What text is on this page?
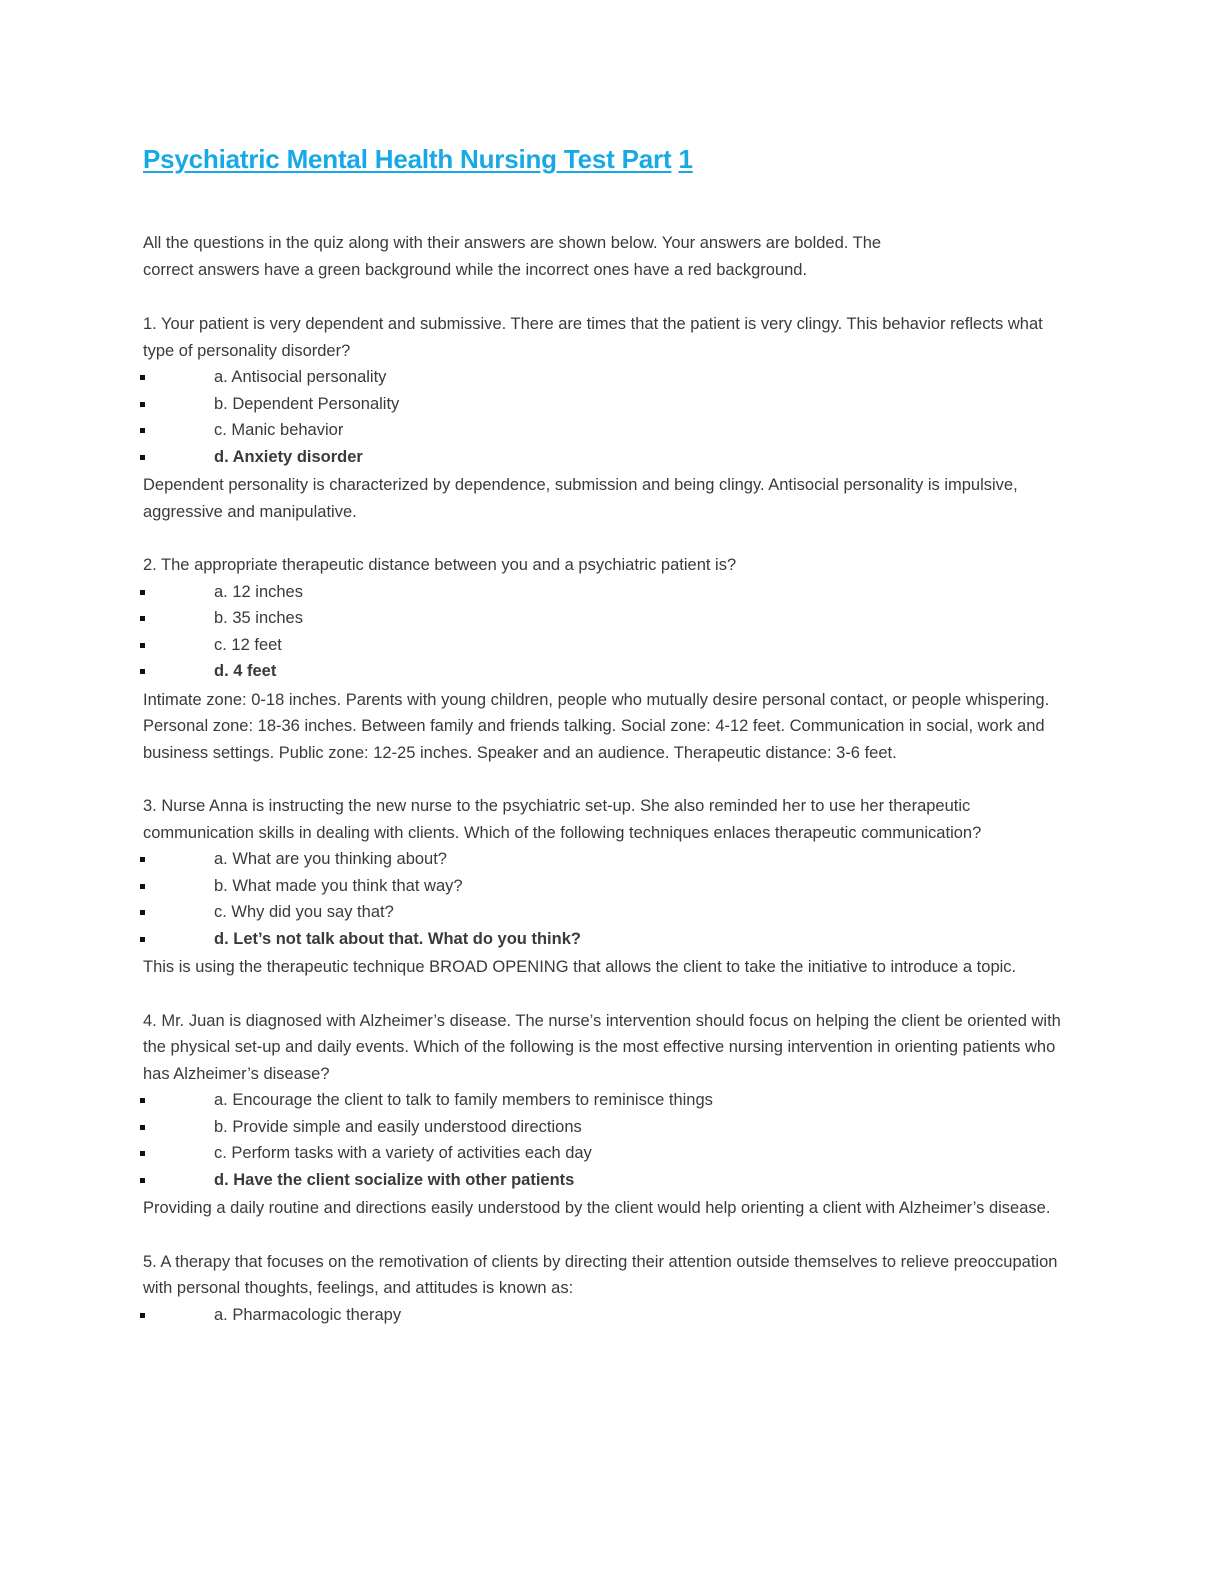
Psychiatric Mental Health Nursing Test Part 1

All the questions in the quiz along with their answers are shown below. Your answers are bolded. The
correct answers have a green background while the incorrect ones have a red background.

1. Your patient is very dependent and submissive. There are times that the patient is very clingy. This behavior reflects what type of personality disorder?

a. Antisocial personality
b. Dependent Personality
c. Manic behavior
d. Anxiety disorder

Dependent personality is characterized by dependence, submission and being clingy. Antisocial personality is impulsive, aggressive and manipulative.

2. The appropriate therapeutic distance between you and a psychiatric patient is?

a. 12 inches
b. 35 inches
c. 12 feet
d. 4 feet

Intimate zone: 0-18 inches. Parents with young children, people who mutually desire personal contact, or people whispering. Personal zone: 18-36 inches. Between family and friends talking. Social zone: 4-12 feet. Communication in social, work and business settings. Public zone: 12-25 inches. Speaker and an audience. Therapeutic distance: 3-6 feet.

3. Nurse Anna is instructing the new nurse to the psychiatric set-up. She also reminded her to use her therapeutic communication skills in dealing with clients. Which of the following techniques enlaces therapeutic communication?

a. What are you thinking about?
b. What made you think that way?
c. Why did you say that?
d. Let’s not talk about that. What do you think?

This is using the therapeutic technique BROAD OPENING that allows the client to take the initiative to introduce a topic.

4. Mr. Juan is diagnosed with Alzheimer’s disease. The nurse’s intervention should focus on helping the client be oriented with the physical set-up and daily events. Which of the following is the most effective nursing intervention in orienting patients who has Alzheimer’s disease?

a. Encourage the client to talk to family members to reminisce things
b. Provide simple and easily understood directions
c. Perform tasks with a variety of activities each day
d. Have the client socialize with other patients

Providing a daily routine and directions easily understood by the client would help orienting a client with Alzheimer’s disease.

5. A therapy that focuses on the remotivation of clients by directing their attention outside themselves to relieve preoccupation with personal thoughts, feelings, and attitudes is known as:

a. Pharmacologic therapy
